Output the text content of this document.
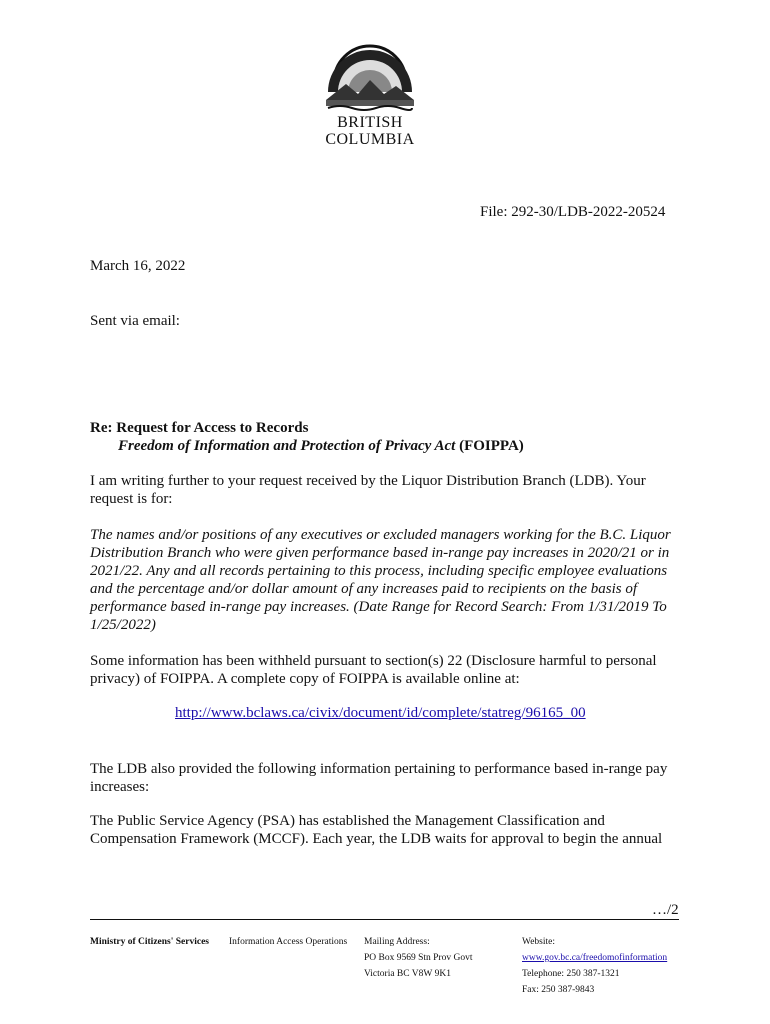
BRITISH
COLUMBIA
File: 292-30/LDB-2022-20524
March 16, 2022
Sent via email:
Re: Request for Access to Records
Freedom of Information and Protection of Privacy Act (FOIPPA)
I am writing further to your request received by the Liquor Distribution Branch (LDB). Your request is for:
The names and/or positions of any executives or excluded managers working for the B.C. Liquor Distribution Branch who were given performance based in-range pay increases in 2020/21 or in 2021/22. Any and all records pertaining to this process, including specific employee evaluations and the percentage and/or dollar amount of any increases paid to recipients on the basis of performance based in-range pay increases. (Date Range for Record Search: From 1/31/2019 To 1/25/2022)
Some information has been withheld pursuant to section(s) 22 (Disclosure harmful to personal privacy) of FOIPPA. A complete copy of FOIPPA is available online at:
http://www.bclaws.ca/civix/document/id/complete/statreg/96165_00
The LDB also provided the following information pertaining to performance based in-range pay increases:
The Public Service Agency (PSA) has established the Management Classification and Compensation Framework (MCCF). Each year, the LDB waits for approval to begin the annual
…/2
Ministry of Citizens' Services Information Access Operations Mailing Address:
PO Box 9569 Stn Prov Govt
Victoria BC V8W 9K1
Website:
www.gov.bc.ca/freedomofinformation
Telephone: 250 387-1321
Fax: 250 387-9843
